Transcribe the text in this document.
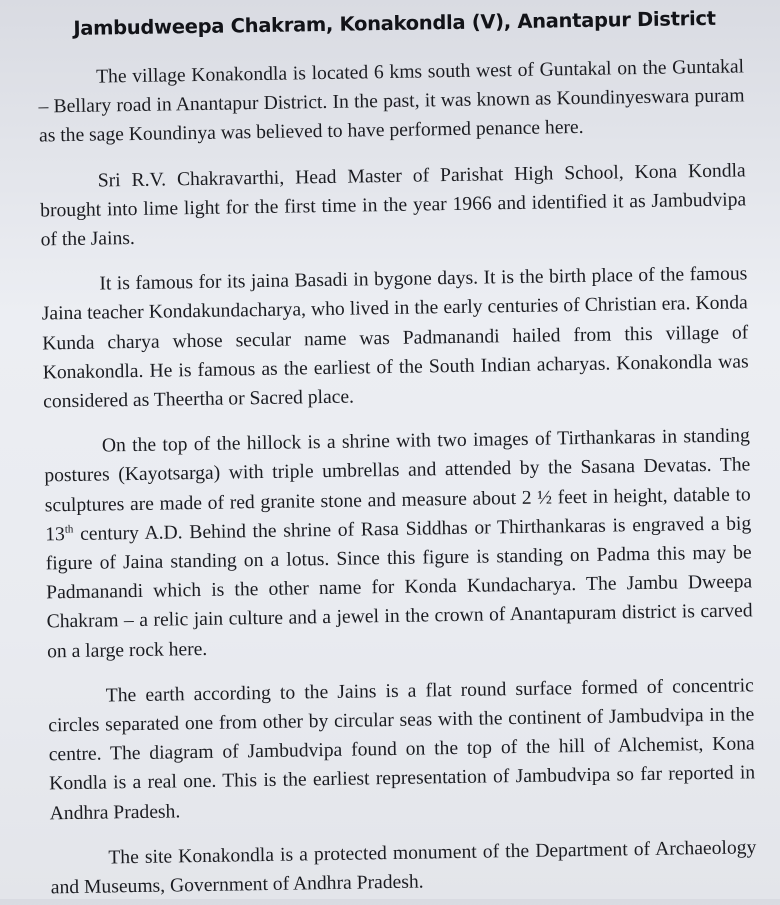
Jambudweepa Chakram, Konakondla (V), Anantapur District

The village Konakondla is located 6 kms south west of Guntakal on the Guntakal – Bellary road in Anantapur District. In the past, it was known as Koundinyeswara puram as the sage Koundinya was believed to have performed penance here.

Sri R.V. Chakravarthi, Head Master of Parishat High School, Kona Kondla brought into lime light for the first time in the year 1966 and identified it as Jambudvipa of the Jains.

It is famous for its jaina Basadi in bygone days. It is the birth place of the famous Jaina teacher Kondakundacharya, who lived in the early centuries of Christian era. Konda Kunda charya whose secular name was Padmanandi hailed from this village of Konakondla. He is famous as the earliest of the South Indian acharyas. Konakondla was considered as Theertha or Sacred place.

On the top of the hillock is a shrine with two images of Tirthankaras in standing postures (Kayotsarga) with triple umbrellas and attended by the Sasana Devatas. The sculptures are made of red granite stone and measure about 2 ½ feet in height, datable to 13th century A.D. Behind the shrine of Rasa Siddhas or Thirthankaras is engraved a big figure of Jaina standing on a lotus. Since this figure is standing on Padma this may be Padmanandi which is the other name for Konda Kundacharya. The Jambu Dweepa Chakram – a relic jain culture and a jewel in the crown of Anantapuram district is carved on a large rock here.

The earth according to the Jains is a flat round surface formed of concentric circles separated one from other by circular seas with the continent of Jambudvipa in the centre. The diagram of Jambudvipa found on the top of the hill of Alchemist, Kona Kondla is a real one. This is the earliest representation of Jambudvipa so far reported in Andhra Pradesh.

The site Konakondla is a protected monument of the Department of Archaeology and Museums, Government of Andhra Pradesh.
